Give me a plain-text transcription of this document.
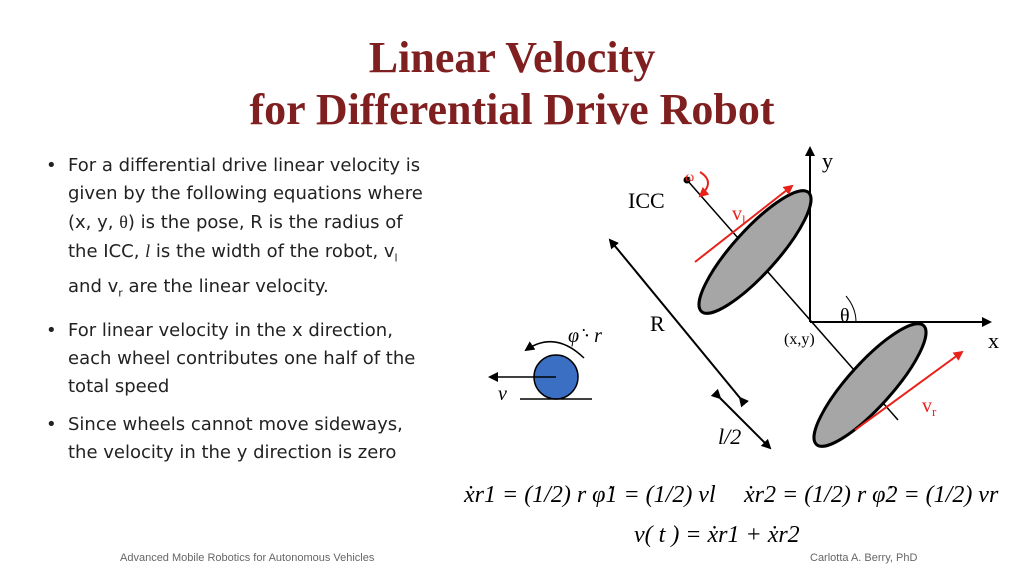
Linear Velocity
for Differential Drive Robot
• For a differential drive linear velocity is given by the following equations where (x, y, θ) is the pose, R is the radius of the ICC, l is the width of the robot, $v_l$ and $v_r$ are the linear velocity.
• For linear velocity in the x direction, each wheel contributes one half of the total speed
• Since wheels cannot move sideways, the velocity in the y direction is zero
y
x
ICC
ω
$v_l$
$v_r$
θ
(x,y)
R
l/2
φ̇ · r
v
ẋr1 = (1/2) r φ̇1 = (1/2) vl ẋr2 = (1/2) r φ̇2 = (1/2) vr
v( t ) = ẋr1 + ẋr2
Advanced Mobile Robotics for Autonomous Vehicles	Carlotta A. Berry, PhD
